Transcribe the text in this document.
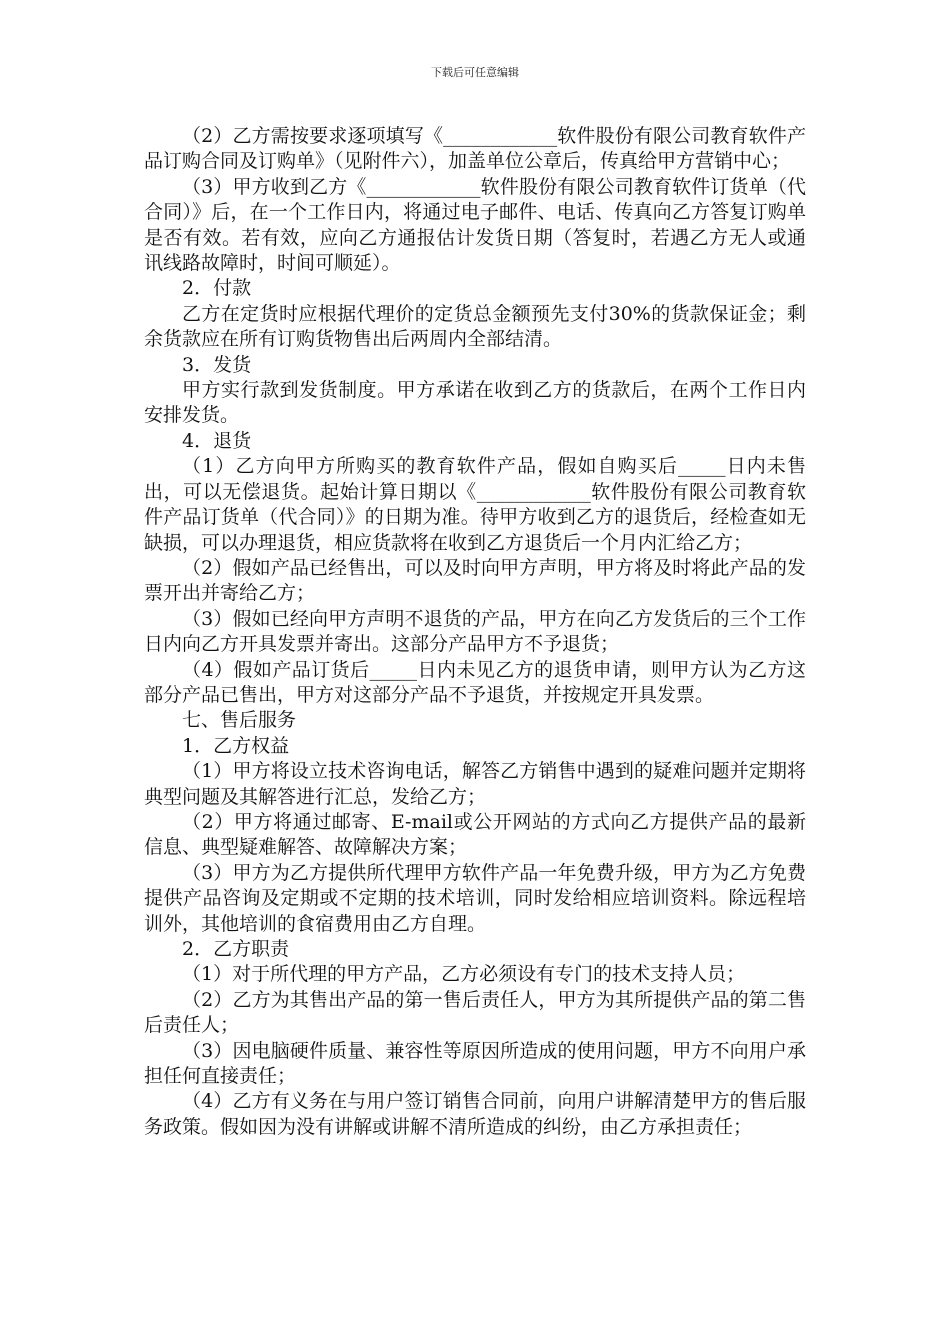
下载后可任意编辑

（2）乙方需按要求逐项填写《____________软件股份有限公司教育软件产品订购合同及订购单》（见附件六），加盖单位公章后，传真给甲方营销中心；

（3）甲方收到乙方《____________软件股份有限公司教育软件订货单（代合同）》后，在一个工作日内，将通过电子邮件、电话、传真向乙方答复订购单是否有效。若有效，应向乙方通报估计发货日期（答复时，若遇乙方无人或通讯线路故障时，时间可顺延）。

2．付款

乙方在定货时应根据代理价的定货总金额预先支付30%的货款保证金；剩余货款应在所有订购货物售出后两周内全部结清。

3．发货

甲方实行款到发货制度。甲方承诺在收到乙方的货款后，在两个工作日内安排发货。

4．退货

（1）乙方向甲方所购买的教育软件产品，假如自购买后_____日内未售出，可以无偿退货。起始计算日期以《____________软件股份有限公司教育软件产品订货单（代合同）》的日期为准。待甲方收到乙方的退货后，经检查如无缺损，可以办理退货，相应货款将在收到乙方退货后一个月内汇给乙方；

（2）假如产品已经售出，可以及时向甲方声明，甲方将及时将此产品的发票开出并寄给乙方；

（3）假如已经向甲方声明不退货的产品，甲方在向乙方发货后的三个工作日内向乙方开具发票并寄出。这部分产品甲方不予退货；

（4）假如产品订货后_____日内未见乙方的退货申请，则甲方认为乙方这部分产品已售出，甲方对这部分产品不予退货，并按规定开具发票。

七、售后服务

1．乙方权益

（1）甲方将设立技术咨询电话，解答乙方销售中遇到的疑难问题并定期将典型问题及其解答进行汇总，发给乙方；

（2）甲方将通过邮寄、E-mail或公开网站的方式向乙方提供产品的最新信息、典型疑难解答、故障解决方案；

（3）甲方为乙方提供所代理甲方软件产品一年免费升级，甲方为乙方免费提供产品咨询及定期或不定期的技术培训，同时发给相应培训资料。除远程培训外，其他培训的食宿费用由乙方自理。

2．乙方职责

（1）对于所代理的甲方产品，乙方必须设有专门的技术支持人员；

（2）乙方为其售出产品的第一售后责任人，甲方为其所提供产品的第二售后责任人；

（3）因电脑硬件质量、兼容性等原因所造成的使用问题，甲方不向用户承担任何直接责任；

（4）乙方有义务在与用户签订销售合同前，向用户讲解清楚甲方的售后服务政策。假如因为没有讲解或讲解不清所造成的纠纷，由乙方承担责任；
